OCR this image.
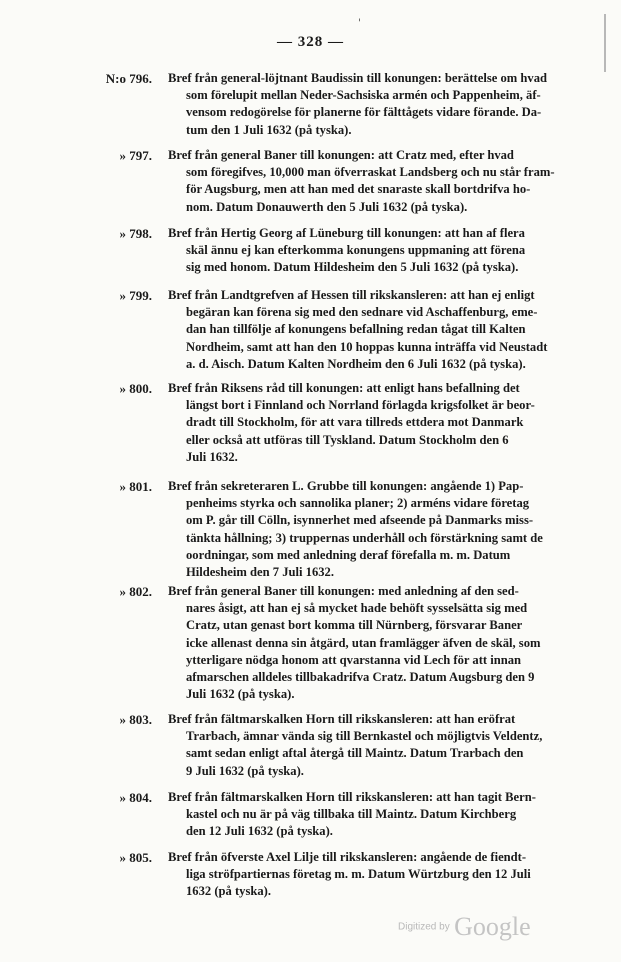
'
— 328 —
N:o 796. Bref från general-löjtnant Baudissin till konungen: berättelse om hvad
som förelupit mellan Neder-Sachsiska armén och Pappenheim, äf-
vensom redogörelse för planerne för fälttågets vidare förande. Da-
tum den 1 Juli 1632 (på tyska).
» 797. Bref från general Baner till konungen: att Cratz med, efter hvad
som föregifves, 10,000 man öfverraskat Landsberg och nu står fram-
för Augsburg, men att han med det snaraste skall bortdrifva ho-
nom. Datum Donauwerth den 5 Juli 1632 (på tyska).
» 798. Bref från Hertig Georg af Lüneburg till konungen: att han af flera
skäl ännu ej kan efterkomma konungens uppmaning att förena
sig med honom. Datum Hildesheim den 5 Juli 1632 (på tyska).
» 799. Bref från Landtgrefven af Hessen till rikskansleren: att han ej enligt
begäran kan förena sig med den sednare vid Aschaffenburg, eme-
dan han tillfölje af konungens befallning redan tågat till Kalten
Nordheim, samt att han den 10 hoppas kunna inträffa vid Neustadt
a. d. Aisch. Datum Kalten Nordheim den 6 Juli 1632 (på tyska).
» 800. Bref från Riksens råd till konungen: att enligt hans befallning det
längst bort i Finnland och Norrland förlagda krigsfolket är beor-
dradt till Stockholm, för att vara tillreds ettdera mot Danmark
eller också att utföras till Tyskland. Datum Stockholm den 6
Juli 1632.
» 801. Bref från sekreteraren L. Grubbe till konungen: angående 1) Pap-
penheims styrka och sannolika planer; 2) arméns vidare företag
om P. går till Cölln, isynnerhet med afseende på Danmarks miss-
tänkta hållning; 3) truppernas underhåll och förstärkning samt de
oordningar, som med anledning deraf förefalla m. m. Datum
Hildesheim den 7 Juli 1632.
» 802. Bref från general Baner till konungen: med anledning af den sed-
nares åsigt, att han ej så mycket hade behöft sysselsätta sig med
Cratz, utan genast bort komma till Nürnberg, försvarar Baner
icke allenast denna sin åtgärd, utan framlägger äfven de skäl, som
ytterligare nödga honom att qvarstanna vid Lech för att innan
afmarschen alldeles tillbakadrifva Cratz. Datum Augsburg den 9
Juli 1632 (på tyska).
» 803. Bref från fältmarskalken Horn till rikskansleren: att han eröfrat
Trarbach, ämnar vända sig till Bernkastel och möjligtvis Veldentz,
samt sedan enligt aftal återgå till Maintz. Datum Trarbach den
9 Juli 1632 (på tyska).
» 804. Bref från fältmarskalken Horn till rikskansleren: att han tagit Bern-
kastel och nu är på väg tillbaka till Maintz. Datum Kirchberg
den 12 Juli 1632 (på tyska).
» 805. Bref från öfverste Axel Lilje till rikskansleren: angående de fiendt-
liga ströfpartiernas företag m. m. Datum Würtzburg den 12 Juli
1632 (på tyska).
Digitized by Google
